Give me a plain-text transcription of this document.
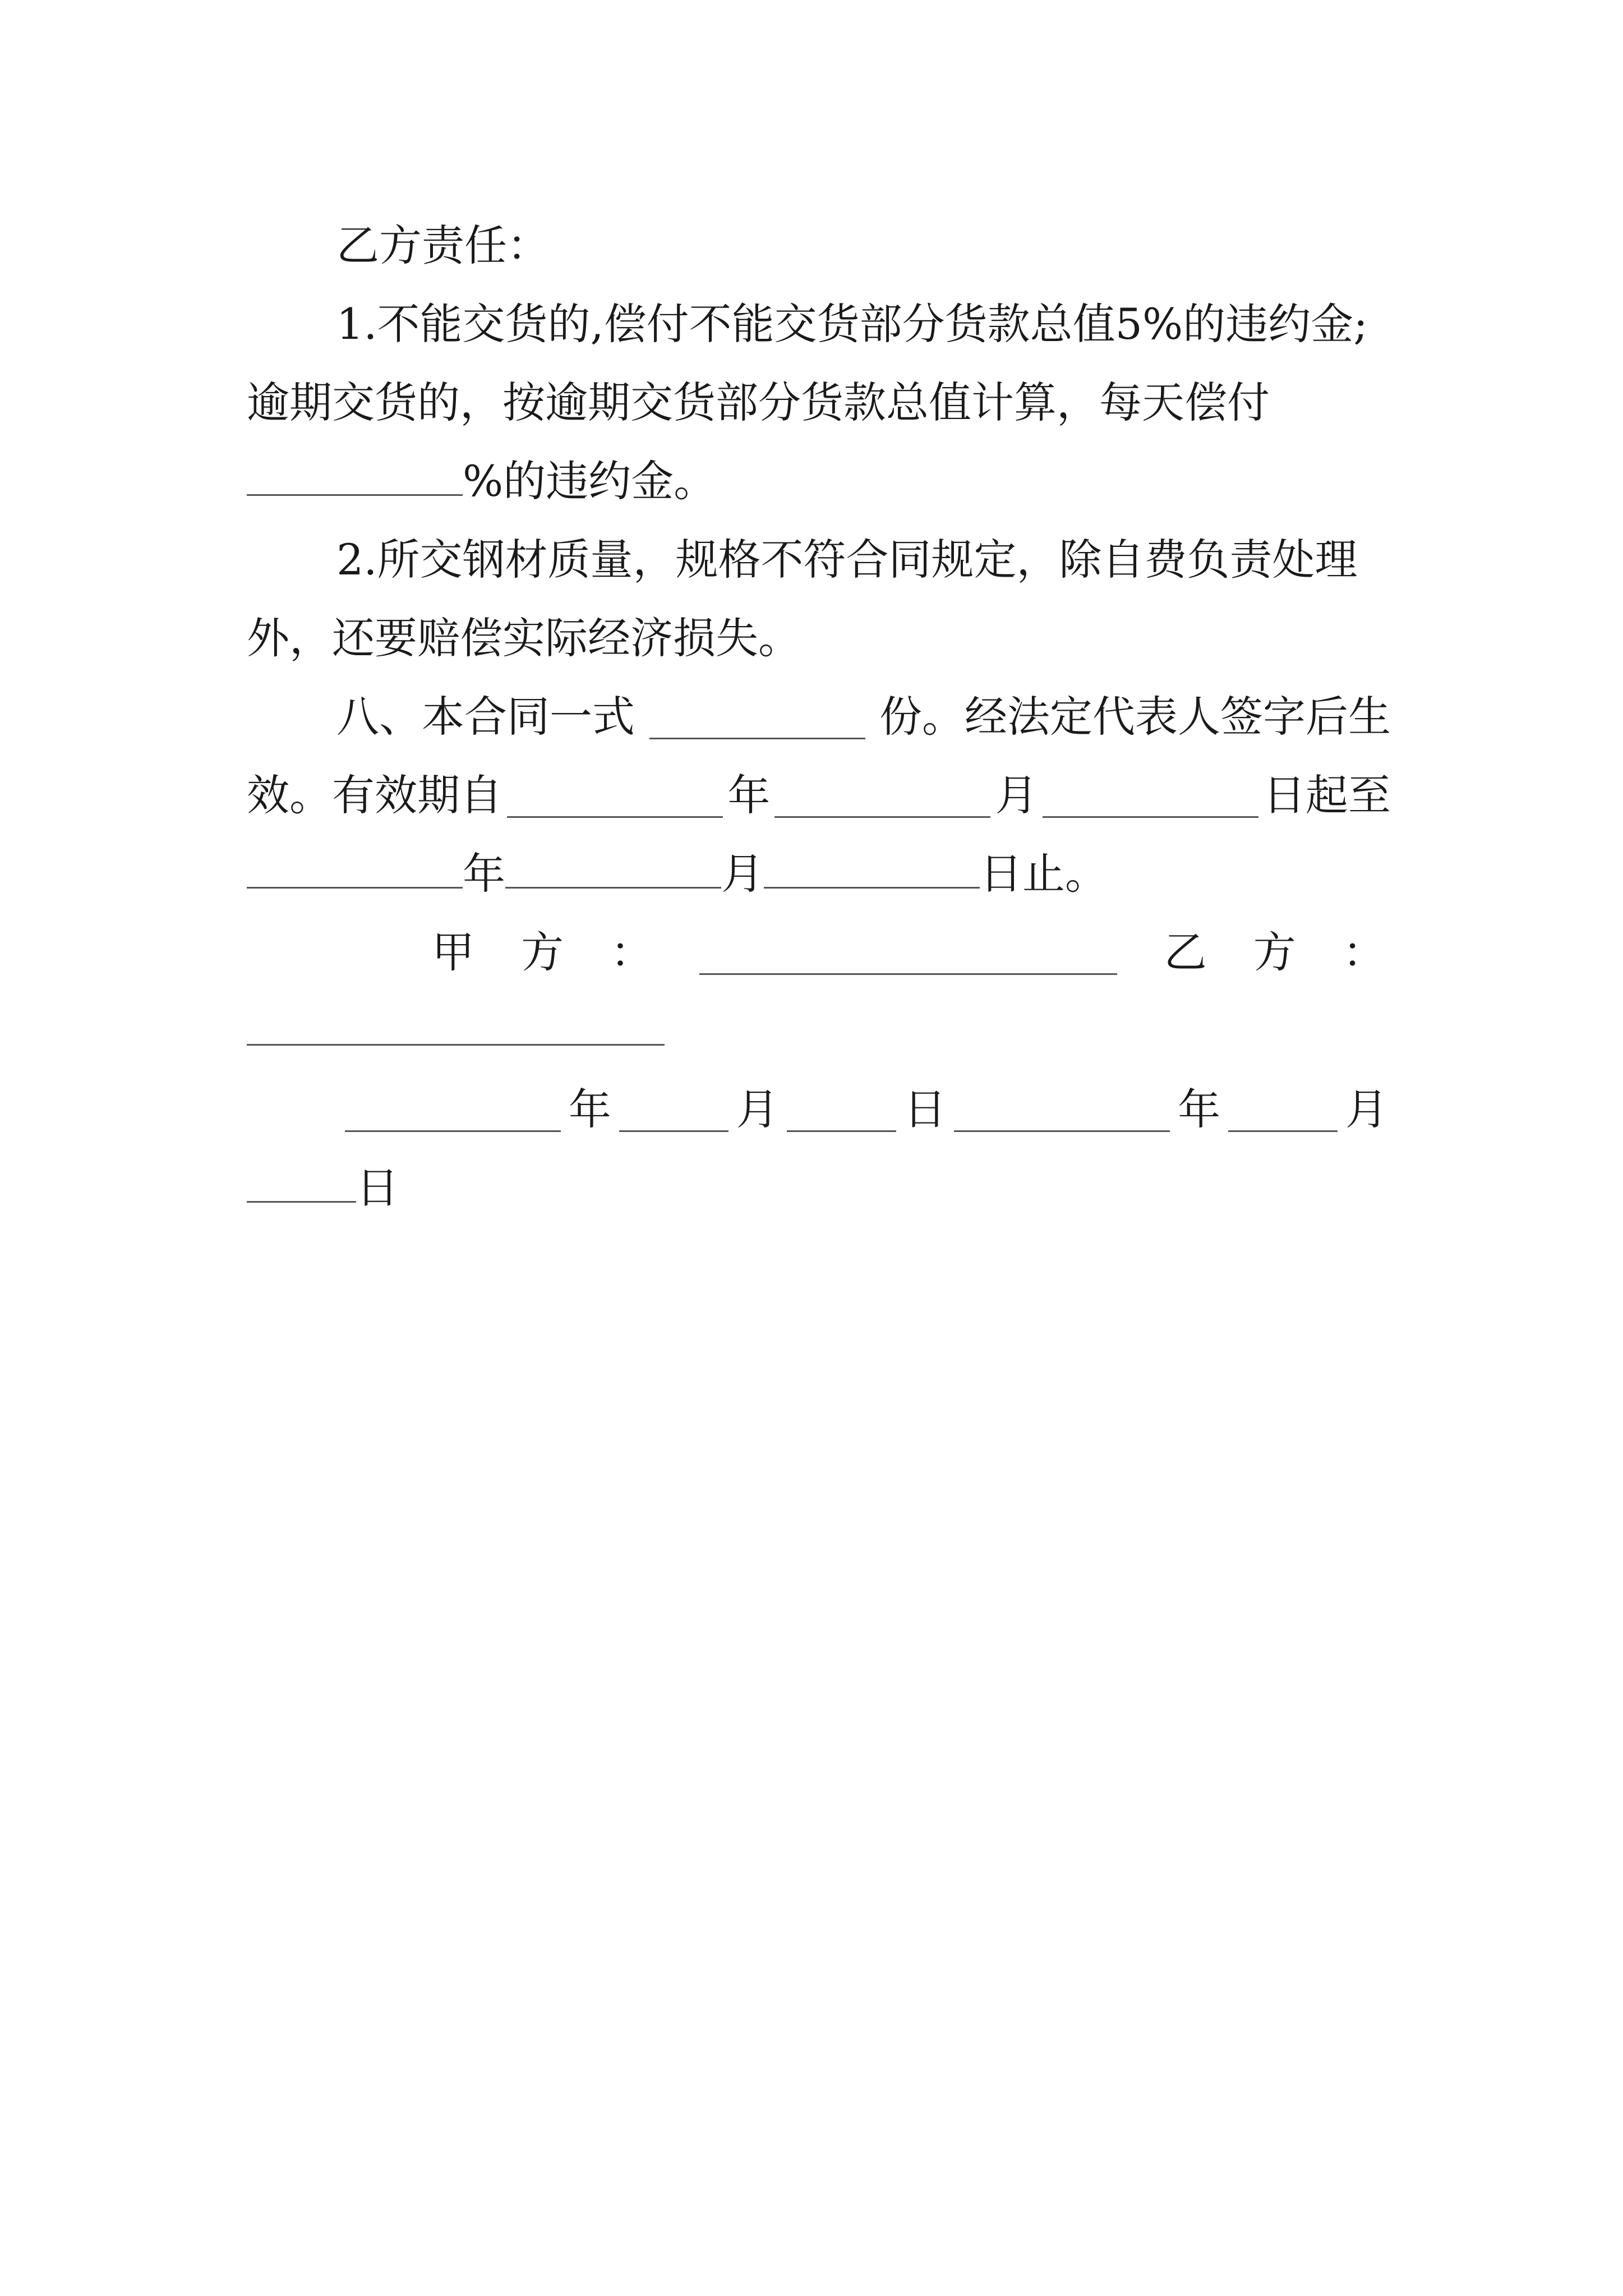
乙方责任：
1.不能交货的,偿付不能交货部分货款总值5%的违约金;
逾期交货的，按逾期交货部分货款总值计算，每天偿付
%的违约金。
2.所交钢材质量，规格不符合同规定，除自费负责处理
外，还要赔偿实际经济损失。
八、本合同一式	份。经法定代表人签字后生
效。有效期自	年	月	日起至
年	月	日止。
甲 方 ：	乙 方 ：
年	月	日	年	月
日
